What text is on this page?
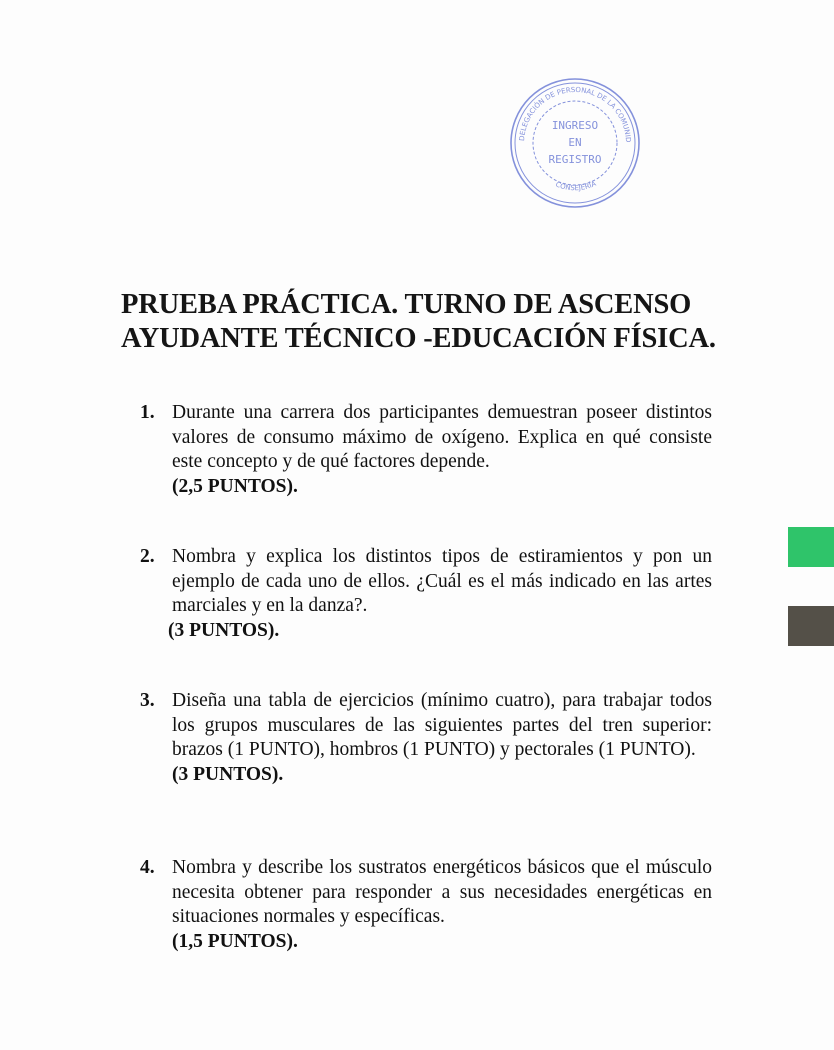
DELEGACIÓN DE PERSONAL DE LA COMUNID
CONSEJERÍA
INGRESO
EN
REGISTRO
PRUEBA PRÁCTICA. TURNO DE ASCENSO
AYUDANTE TÉCNICO -EDUCACIÓN FÍSICA.
1. Durante una carrera dos participantes demuestran poseer distintos valores de consumo máximo de oxígeno. Explica en qué consiste este concepto y de qué factores depende.
(2,5 PUNTOS).
2. Nombra y explica los distintos tipos de estiramientos y pon un ejemplo de cada uno de ellos. ¿Cuál es el más indicado en las artes marciales y en la danza?.
(3 PUNTOS).
3. Diseña una tabla de ejercicios (mínimo cuatro), para trabajar todos los grupos musculares de las siguientes partes del tren superior: brazos (1 PUNTO), hombros (1 PUNTO) y pectorales (1 PUNTO).
(3 PUNTOS).
4. Nombra y describe los sustratos energéticos básicos que el músculo necesita obtener para responder a sus necesidades energéticas en situaciones normales y específicas.
(1,5 PUNTOS).
